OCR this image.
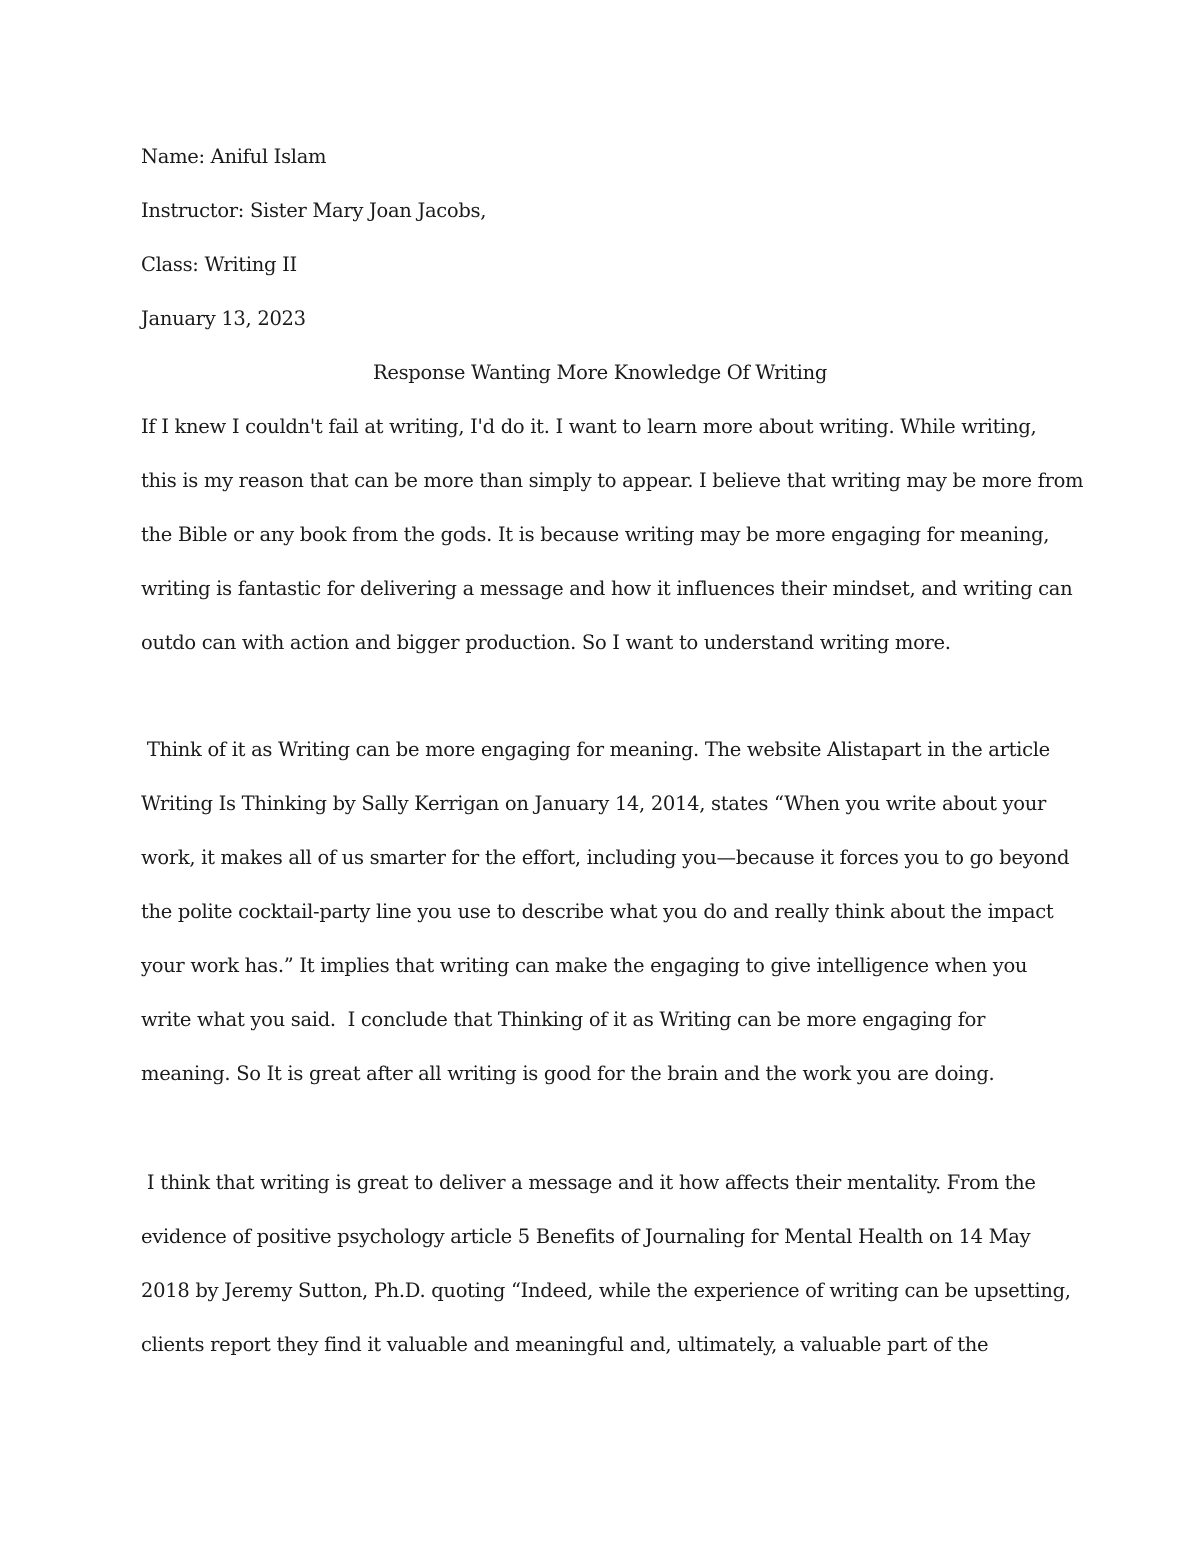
Name: Aniful Islam
Instructor: Sister Mary Joan Jacobs,
Class: Writing II
January 13, 2023
Response Wanting More Knowledge Of Writing
If I knew I couldn't fail at writing, I'd do it. I want to learn more about writing. While writing,
this is my reason that can be more than simply to appear. I believe that writing may be more from
the Bible or any book from the gods. It is because writing may be more engaging for meaning,
writing is fantastic for delivering a message and how it influences their mindset, and writing can
outdo can with action and bigger production. So I want to understand writing more.
Think of it as Writing can be more engaging for meaning. The website Alistapart in the article
Writing Is Thinking by Sally Kerrigan on January 14, 2014, states “When you write about your
work, it makes all of us smarter for the effort, including you—because it forces you to go beyond
the polite cocktail-party line you use to describe what you do and really think about the impact
your work has.” It implies that writing can make the engaging to give intelligence when you
write what you said.  I conclude that Thinking of it as Writing can be more engaging for
meaning. So It is great after all writing is good for the brain and the work you are doing.
I think that writing is great to deliver a message and it how affects their mentality. From the
evidence of positive psychology article 5 Benefits of Journaling for Mental Health on 14 May
2018 by Jeremy Sutton, Ph.D. quoting “Indeed, while the experience of writing can be upsetting,
clients report they find it valuable and meaningful and, ultimately, a valuable part of the
